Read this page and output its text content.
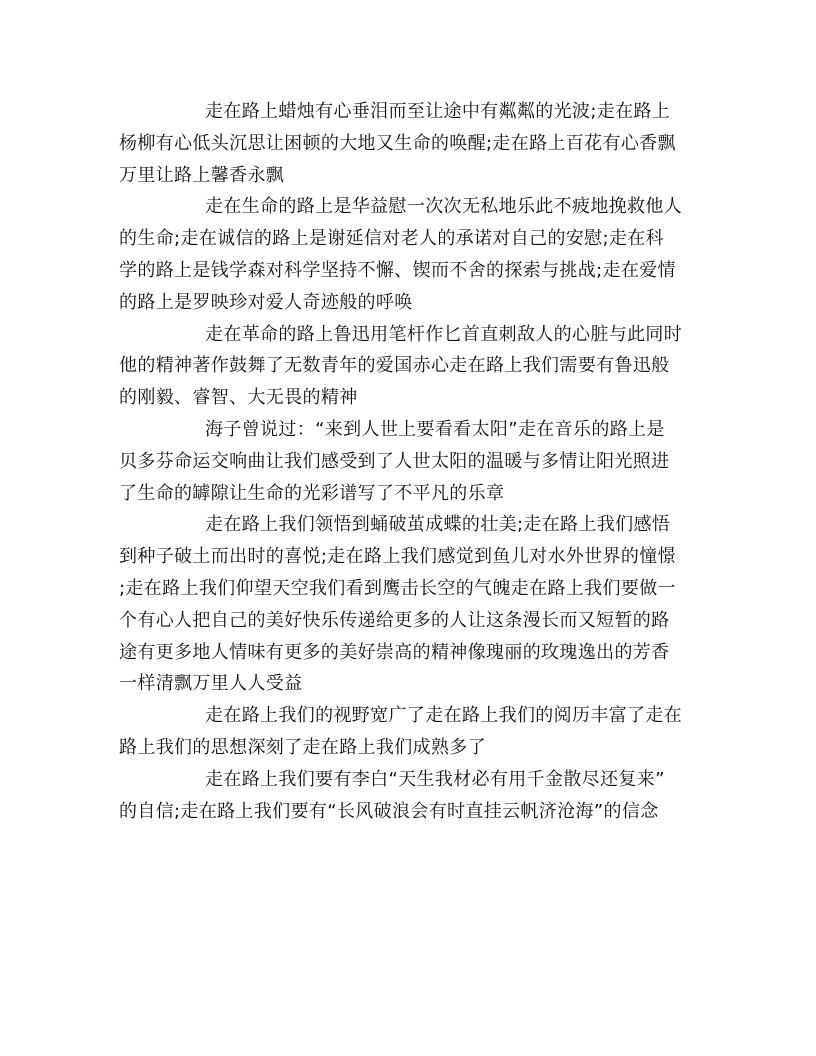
走在路上蜡烛有心垂泪而至让途中有粼粼的光波;走在路上
杨柳有心低头沉思让困顿的大地又生命的唤醒;走在路上百花有心香飘
万里让路上馨香永飘
走在生命的路上是华益慰一次次无私地乐此不疲地挽救他人
的生命;走在诚信的路上是谢延信对老人的承诺对自己的安慰;走在科
学的路上是钱学森对科学坚持不懈、锲而不舍的探索与挑战;走在爱情
的路上是罗映珍对爱人奇迹般的呼唤
走在革命的路上鲁迅用笔杆作匕首直刺敌人的心脏与此同时
他的精神著作鼓舞了无数青年的爱国赤心走在路上我们需要有鲁迅般
的刚毅、睿智、大无畏的精神
海子曾说过：“来到人世上要看看太阳”走在音乐的路上是
贝多芬命运交响曲让我们感受到了人世太阳的温暖与多情让阳光照进
了生命的罅隙让生命的光彩谱写了不平凡的乐章
走在路上我们领悟到蛹破茧成蝶的壮美;走在路上我们感悟
到种子破土而出时的喜悦;走在路上我们感觉到鱼儿对水外世界的憧憬
;走在路上我们仰望天空我们看到鹰击长空的气魄走在路上我们要做一
个有心人把自己的美好快乐传递给更多的人让这条漫长而又短暂的路
途有更多地人情味有更多的美好崇高的精神像瑰丽的玫瑰逸出的芳香
一样清飘万里人人受益
走在路上我们的视野宽广了走在路上我们的阅历丰富了走在
路上我们的思想深刻了走在路上我们成熟多了
走在路上我们要有李白“天生我材必有用千金散尽还复来”
的自信;走在路上我们要有“长风破浪会有时直挂云帆济沧海”的信念
